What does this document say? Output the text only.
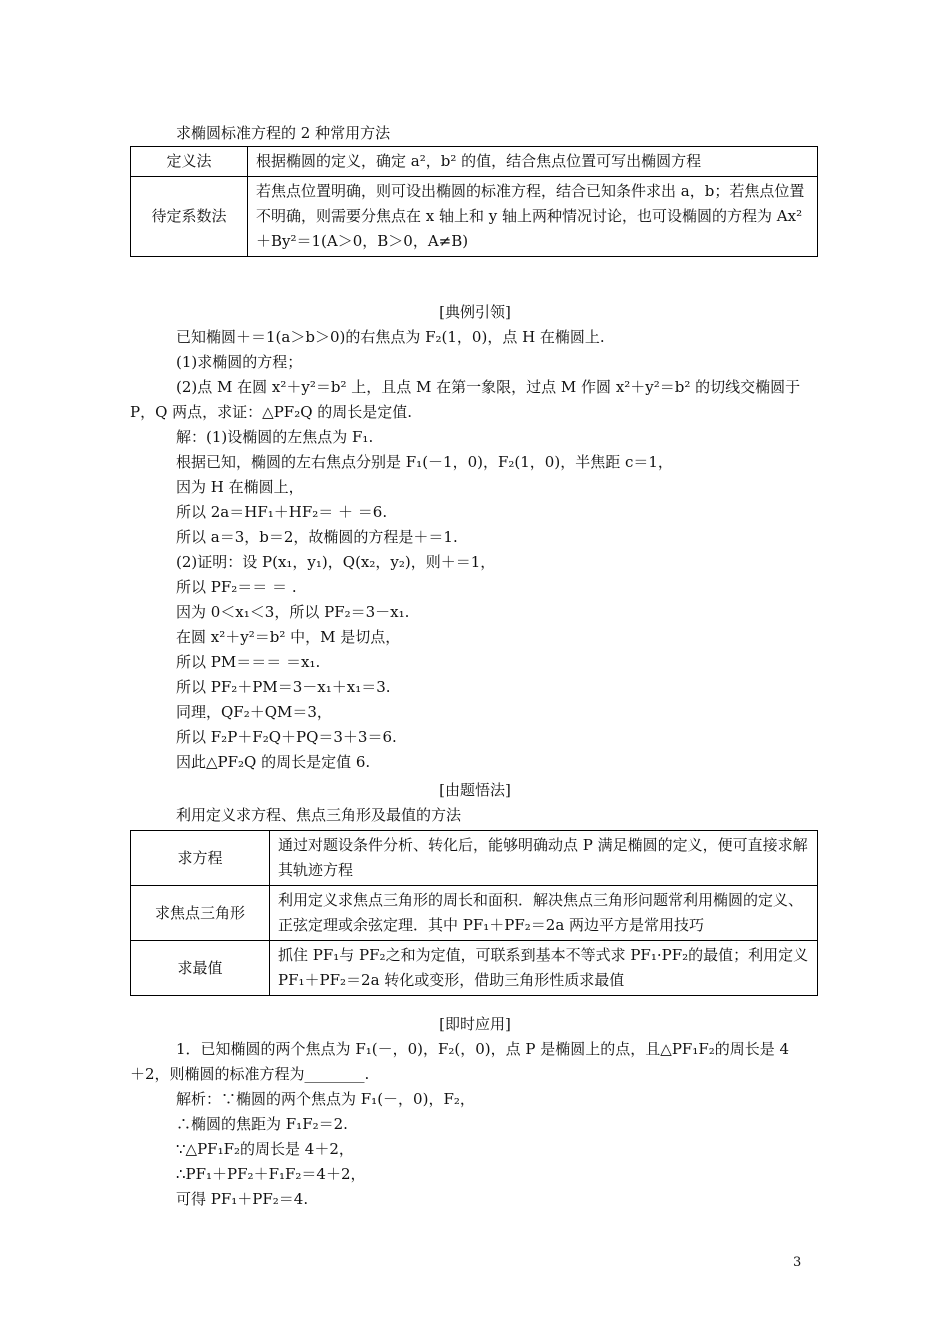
求椭圆标准方程的 2 种常用方法
定义法	根据椭圆的定义，确定 a²，b² 的值，结合焦点位置可写出椭圆方程
待定系数法	若焦点位置明确，则可设出椭圆的标准方程，结合已知条件求出 a，b；若焦点位置不明确，则需要分焦点在 x 轴上和 y 轴上两种情况讨论，也可设椭圆的方程为 Ax²＋By²＝1(A＞0，B＞0，A≠B)
[典例引领]
已知椭圆＋＝1(a＞b＞0)的右焦点为 F₂(1，0)，点 H 在椭圆上.
(1)求椭圆的方程；
(2)点 M 在圆 x²＋y²＝b² 上，且点 M 在第一象限，过点 M 作圆 x²＋y²＝b² 的切线交椭圆于
P，Q 两点，求证：△PF₂Q 的周长是定值.
解：(1)设椭圆的左焦点为 F₁.
根据已知，椭圆的左右焦点分别是 F₁(－1，0)，F₂(1，0)，半焦距 c＝1，
因为 H 在椭圆上，
所以 2a＝HF₁＋HF₂＝ ＋ ＝6.
所以 a＝3，b＝2，故椭圆的方程是＋＝1.
(2)证明：设 P(x₁，y₁)，Q(x₂，y₂)，则＋＝1，
所以 PF₂＝＝ ＝ .
因为 0＜x₁＜3，所以 PF₂＝3－x₁.
在圆 x²＋y²＝b² 中，M 是切点，
所以 PM＝＝＝ ＝x₁.
所以 PF₂＋PM＝3－x₁＋x₁＝3.
同理，QF₂＋QM＝3，
所以 F₂P＋F₂Q＋PQ＝3＋3＝6.
因此△PF₂Q 的周长是定值 6.
[由题悟法]
利用定义求方程、焦点三角形及最值的方法
求方程	通过对题设条件分析、转化后，能够明确动点 P 满足椭圆的定义，便可直接求解其轨迹方程
求焦点三角形	利用定义求焦点三角形的周长和面积．解决焦点三角形问题常利用椭圆的定义、正弦定理或余弦定理．其中 PF₁＋PF₂＝2a 两边平方是常用技巧
求最值	抓住 PF₁与 PF₂之和为定值，可联系到基本不等式求 PF₁·PF₂的最值；利用定义 PF₁＋PF₂＝2a 转化或变形，借助三角形性质求最值
[即时应用]
1．已知椭圆的两个焦点为 F₁(－，0)，F₂(，0)，点 P 是椭圆上的点，且△PF₁F₂的周长是 4
＋2，则椭圆的标准方程为________.
解析：∵椭圆的两个焦点为 F₁(－，0)，F₂，
∴椭圆的焦距为 F₁F₂＝2.
∵△PF₁F₂的周长是 4＋2，
∴PF₁＋PF₂＋F₁F₂＝4＋2，
可得 PF₁＋PF₂＝4.
3
